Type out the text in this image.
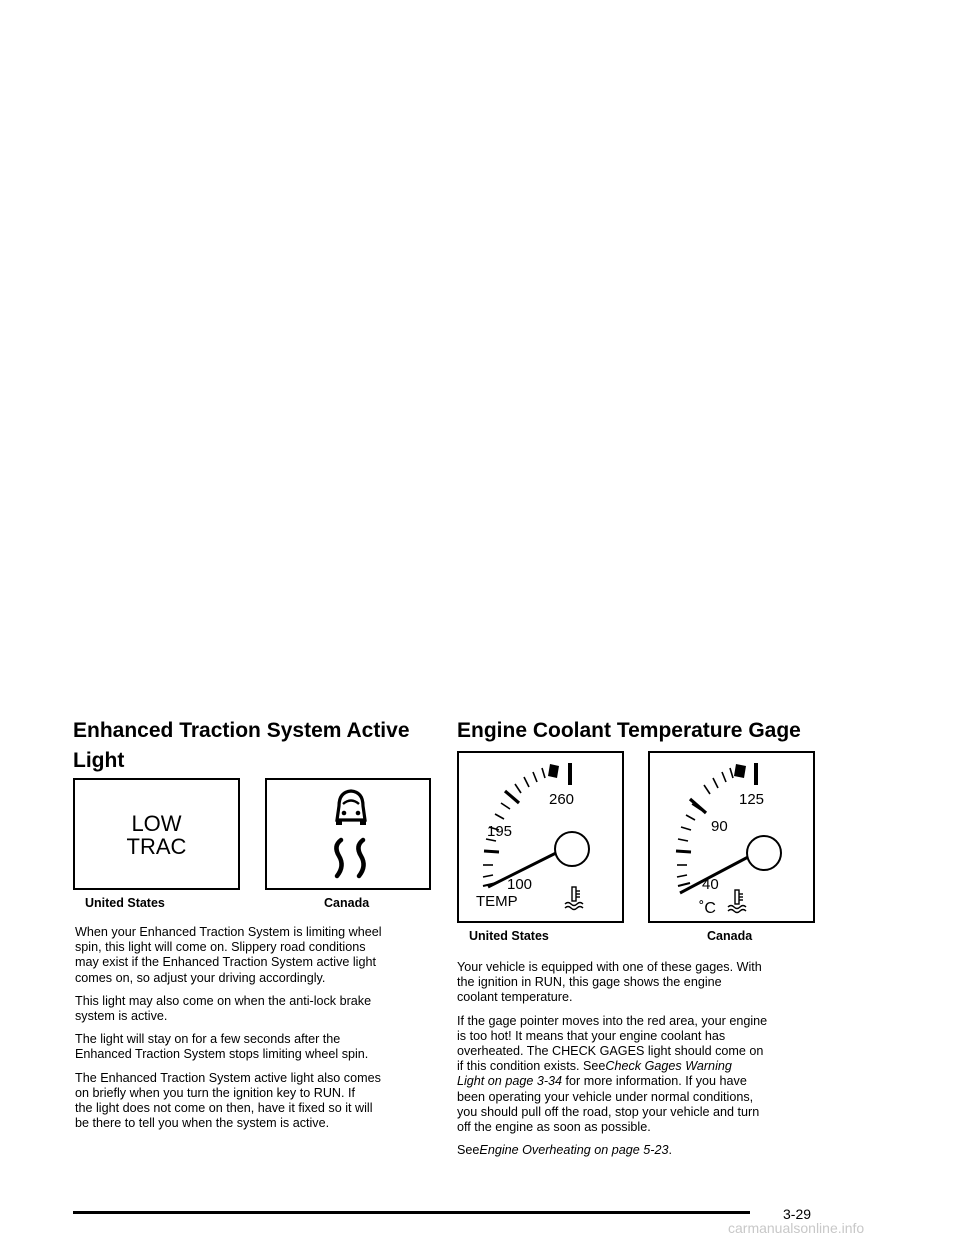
Enhanced Traction System Active
Light
LOW
TRAC
United States	Canada

When your Enhanced Traction System is limiting wheel
spin, this light will come on. Slippery road conditions
may exist if the Enhanced Traction System active light
comes on, so adjust your driving accordingly.

This light may also come on when the anti-lock brake
system is active.

The light will stay on for a few seconds after the
Enhanced Traction System stops limiting wheel spin.

The Enhanced Traction System active light also comes
on briefly when you turn the ignition key to RUN. If
the light does not come on then, have it fixed so it will
be there to tell you when the system is active.

Engine Coolant Temperature Gage
260
195
100
TEMP
125
90
40
˚C
United States	Canada

Your vehicle is equipped with one of these gages. With
the ignition in RUN, this gage shows the engine
coolant temperature.

If the gage pointer moves into the red area, your engine
is too hot! It means that your engine coolant has
overheated. The CHECK GAGES light should come on
if this condition exists. SeeCheck Gages Warning
Light on page 3-34 for more information. If you have
been operating your vehicle under normal conditions,
you should pull off the road, stop your vehicle and turn
off the engine as soon as possible.

SeeEngine Overheating on page 5-23.

3-29
carmanualsonline.info
